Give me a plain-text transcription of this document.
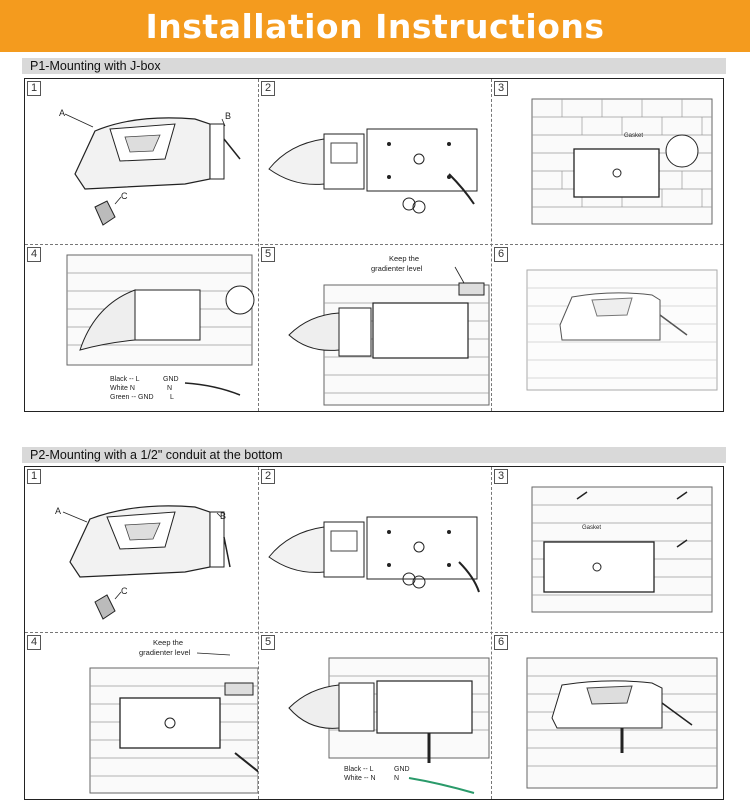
Installation Instructions
P1-Mounting with J-box
1
A	B
C
2	3
Gasket
4
Black -- L	GND
White N	N
Green -- GND L
5	Keep the
gradienter level
6
P2-Mounting with a 1/2" conduit at the bottom
1
A	B
C
2	3
Gasket
4	Keep the
gradienter level
5
Black -- L	GND
White -- N	N
6
